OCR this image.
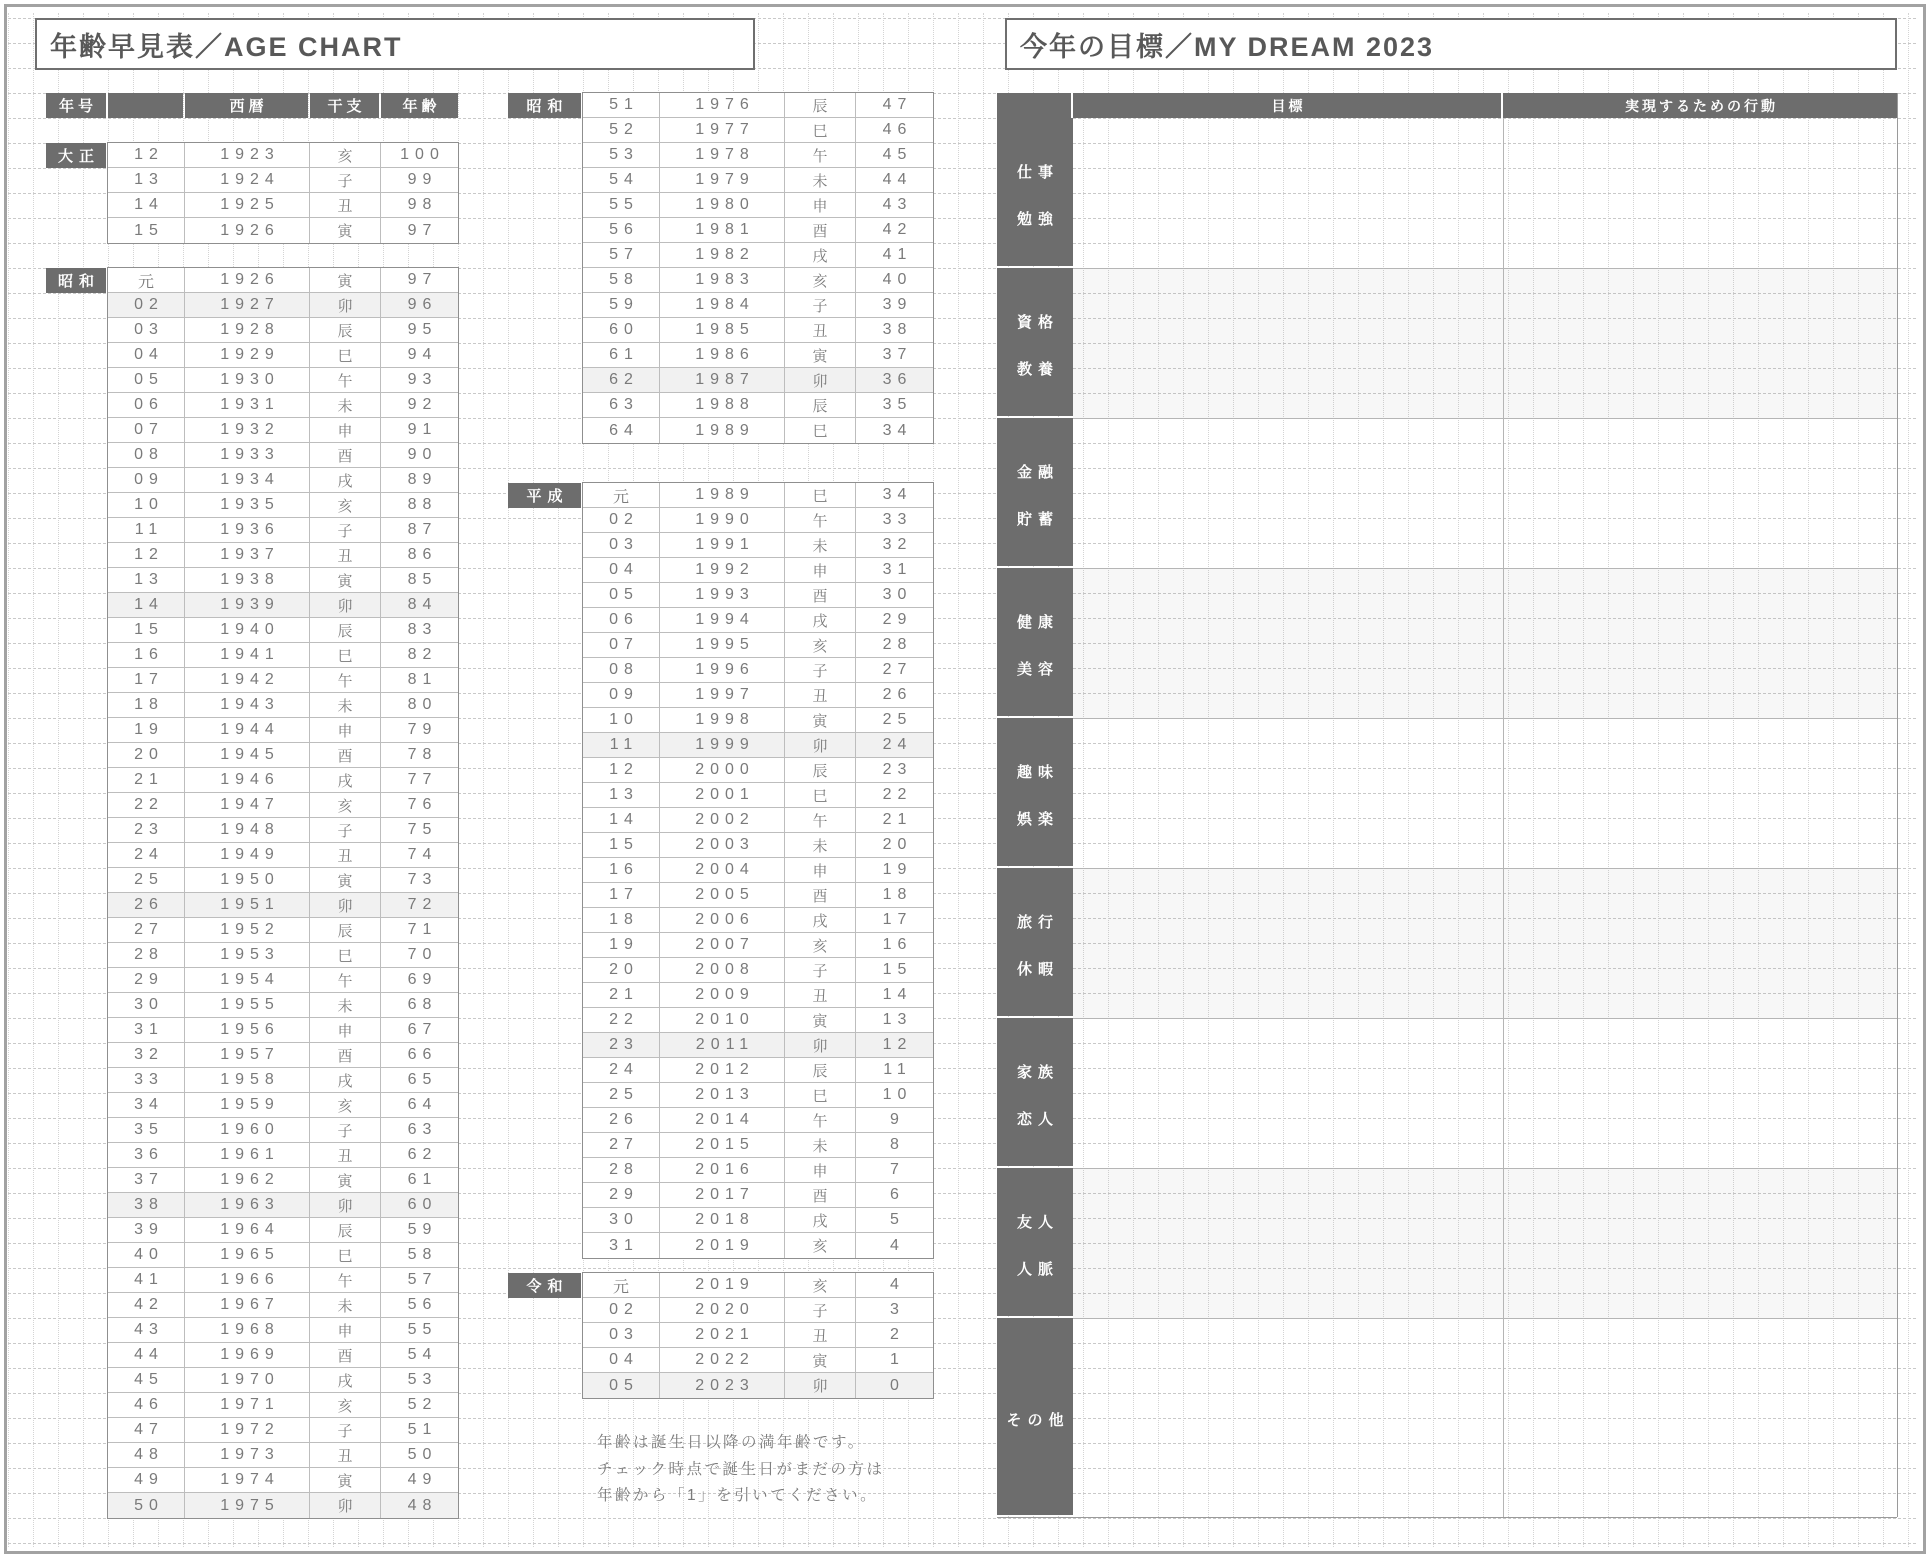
年齢早見表／AGE CHART	今年の目標／MY DREAM 2023
年号	西暦	干支 年齢
大正	12	1923	亥	100
13	1924	子	99
14	1925	丑	98
15	1926	寅	97
昭和	元	1926	寅	97
02	1927	卯	96
03	1928	辰	95
04	1929	巳	94
05	1930	午	93
06	1931	未	92
07	1932	申	91
08	1933	酉	90
09	1934	戌	89
10	1935	亥	88
11	1936	子	87
12	1937	丑	86
13	1938	寅	85
14	1939	卯	84
15	1940	辰	83
16	1941	巳	82
17	1942	午	81
18	1943	未	80
19	1944	申	79
20	1945	酉	78
21	1946	戌	77
22	1947	亥	76
23	1948	子	75
24	1949	丑	74
25	1950	寅	73
26	1951	卯	72
27	1952	辰	71
28	1953	巳	70
29	1954	午	69
30	1955	未	68
31	1956	申	67
32	1957	酉	66
33	1958	戌	65
34	1959	亥	64
35	1960	子	63
36	1961	丑	62
37	1962	寅	61
38	1963	卯	60
39	1964	辰	59
40	1965	巳	58
41	1966	午	57
42	1967	未	56
43	1968	申	55
44	1969	酉	54
45	1970	戌	53
46	1971	亥	52
47	1972	子	51
48	1973	丑	50
49	1974	寅	49
50	1975	卯	48
昭和	51	1976	辰	47
52	1977	巳	46
53	1978	午	45
54	1979	未	44
55	1980	申	43
56	1981	酉	42
57	1982	戌	41
58	1983	亥	40
59	1984	子	39
60	1985	丑	38
61	1986	寅	37
62	1987	卯	36
63	1988	辰	35
64	1989	巳	34
平成	元	1989	巳	34
02	1990	午	33
03	1991	未	32
04	1992	申	31
05	1993	酉	30
06	1994	戌	29
07	1995	亥	28
08	1996	子	27
09	1997	丑	26
10	1998	寅	25
11	1999	卯	24
12	2000	辰	23
13	2001	巳	22
14	2002	午	21
15	2003	未	20
16	2004	申	19
17	2005	酉	18
18	2006	戌	17
19	2007	亥	16
20	2008	子	15
21	2009	丑	14
22	2010	寅	13
23	2011	卯	12
24	2012	辰	11
25	2013	巳	10
26	2014	午	9
27	2015	未	8
28	2016	申	7
29	2017	酉	6
30	2018	戌	5
31	2019	亥	4
令和	元	2019	亥	4
02	2020	子	3
03	2021	丑	2
04	2022	寅	1
05	2023	卯	0
年齢は誕生日以降の満年齢です。
チェック時点で誕生日がまだの方は
年齢から「1」を引いてください。
目標	実現するための行動
仕事
勉強
資格
教養
金融
貯蓄
健康
美容
趣味
娯楽
旅行
休暇
家族
恋人
友人
人脈
その他
